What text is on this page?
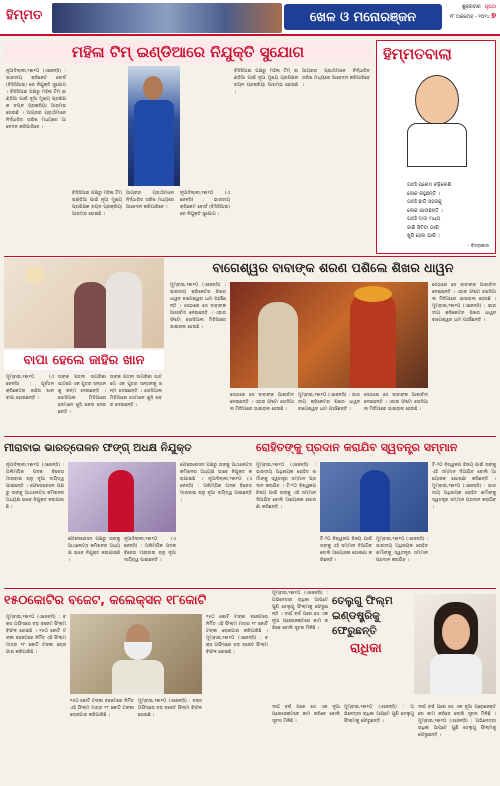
ହିମ୍ମତ	ଖେଳ ଓ ମନୋରଞ୍ଜନ
ଶୁକ୍ରବାର ପୃଷ୍ଠା
୧୮ ଅକ୍ଟୋବ - ୨୦୨୪ ୭
ମହିଳା ଟିମ୍ ଇଣ୍ଡିଆରେ ନିଯୁକ୍ତି ସୁଯୋଗ
ନୂଆଦିଲ୍ଲୀ,୧୭ା୧୦ (ଏଜେନ୍ସି) : ଭାରତୀୟ କ୍ରିକେଟ ବୋର୍ଡ (ବିସିସିଆଇ) ରେ ନିଯୁକ୍ତି ସୁଯୋଗ । ବିସିସିଆଇ ପକ୍ଷରୁ ମହିଳା ଟିମ୍ ଇଣ୍ଡିଆ ପାଇଁ ନୂଆ ମୁଖ୍ୟ ପ୍ରଶିକ୍ଷକ ଚୟନ ପ୍ରକ୍ରିୟା ଆରମ୍ଭ ହୋଇଛି । ଆଗ୍ରହୀ ପ୍ରାର୍ଥୀମାନେ ନିର୍ଦ୍ଧାରିତ ତାରିଖ ମଧ୍ୟରେ ଆବେଦନ କରିପାରିବେ ।
ବିସିସିଆଇ ପକ୍ଷରୁ ମହିଳା ଟିମ୍ ଇଣ୍ଡିଆ ପାଇଁ ନୂଆ ମୁଖ୍ୟ ପ୍ରଶିକ୍ଷକ ଚୟନ ପ୍ରକ୍ରିୟା ଆରମ୍ଭ ହୋଇଛି ।
ଆଗ୍ରହୀ ପ୍ରାର୍ଥୀମାନେ ନିର୍ଦ୍ଧାରିତ ତାରିଖ ମଧ୍ୟରେ ଆବେଦନ କରିପାରିବେ ।
ନୂଆଦିଲ୍ଲୀ,୧୭ା୧୦ (ଏଜେନ୍ସି) : ଭାରତୀୟ କ୍ରିକେଟ ବୋର୍ଡ (ବିସିସିଆଇ) ରେ ନିଯୁକ୍ତି ସୁଯୋଗ ।
ବିସିସିଆଇ ପକ୍ଷରୁ ମହିଳା ଟିମ୍ ଇଣ୍ଡିଆ ପାଇଁ ନୂଆ ମୁଖ୍ୟ ପ୍ରଶିକ୍ଷକ ଚୟନ ପ୍ରକ୍ରିୟା ଆରମ୍ଭ ହୋଇଛି ।
ଆଗ୍ରହୀ ପ୍ରାର୍ଥୀମାନେ ନିର୍ଦ୍ଧାରିତ ତାରିଖ ମଧ୍ୟରେ ଆବେଦନ କରିପାରିବେ ।
ହିମ୍ମତବାଲା
ଗାଆଁ ପ୍ରେମ ବଢ଼ିଲେଣି
ଲୋକ କହୁଛନ୍ତି ।
ଗାଆଁ ଛାଡି ସହରକୁ
ଲୋକ ଯାଉଛନ୍ତି ।
ଗାଆଁ ଦାଦା ମଧ୍ୟ
ଜାଣି ସିଟିଟା ଭାରି
ଖୁସି ହେଲ ଭାରି ।
- ଚିତ୍ରାକାର
ବାପା ହେଲେ ଜାହିର ଖାନ
ମୁମ୍ବାଇ,୧୭ା୧୦ (ଏଜେନ୍ସି) : ପୂର୍ବତନ କ୍ରିକେଟର ଜାହିର ଖାନ ବାପା ହୋଇଛନ୍ତି ।
ତାଙ୍କ ପତ୍ନୀ ସାଗରିକା ଘାଟଗେ ଏକ ପୁତ୍ର ସନ୍ତାନକୁ ଜନ୍ମ ଦେଇଛନ୍ତି । ସୋସିଆଲ ମିଡିଆରେ ସେମାନେ ଖୁସି ଖବର ଦେଇଛନ୍ତି ।
ତାଙ୍କ ପତ୍ନୀ ସାଗରିକା ଘାଟଗେ ଏକ ପୁତ୍ର ସନ୍ତାନକୁ ଜନ୍ମ ଦେଇଛନ୍ତି । ସୋସିଆଲ ମିଡିଆରେ ସେମାନେ ଖୁସି ଖବର ଦେଇଛନ୍ତି ।
ବାଗେଶ୍ୱର ବାବାଙ୍କ ଶରଣ ପଶିଲେ ଶିଖର ଧାୱନ
ମୁମ୍ବାଇ,୧୭ା୧୦ (ଏଜେନ୍ସି) : ଭାରତୀୟ କ୍ରିକେଟର ଶିଖର ଧାୱନ ବାଗେଶ୍ୱର ଧାମ ପହଞ୍ଚିଛନ୍ତି । ସେଠାରେ ସେ ବାବାଙ୍କ ଆଶୀର୍ବାଦ ନେଇଛନ୍ତି । ଏହାର ଫଟୋ ସୋସିଆଲ ମିଡିଆରେ ଭାଇରାଲ ହେଉଛି ।
ସେଠାରେ ସେ ବାବାଙ୍କ ଆଶୀର୍ବାଦ ନେଇଛନ୍ତି । ଏହାର ଫଟୋ ସୋସିଆଲ ମିଡିଆରେ ଭାଇରାଲ ହେଉଛି ।
ମୁମ୍ବାଇ,୧୭ା୧୦ (ଏଜେନ୍ସି) : ଭାରତୀୟ କ୍ରିକେଟର ଶିଖର ଧାୱନ ବାଗେଶ୍ୱର ଧାମ ପହଞ୍ଚିଛନ୍ତି ।
ସେଠାରେ ସେ ବାବାଙ୍କ ଆଶୀର୍ବାଦ ନେଇଛନ୍ତି । ଏହାର ଫଟୋ ସୋସିଆଲ ମିଡିଆରେ ଭାଇରାଲ ହେଉଛି ।
ସେଠାରେ ସେ ବାବାଙ୍କ ଆଶୀର୍ବାଦ ନେଇଛନ୍ତି । ଏହାର ଫଟୋ ସୋସିଆଲ ମିଡିଆରେ ଭାଇରାଲ ହେଉଛି । ମୁମ୍ବାଇ,୧୭ା୧୦ (ଏଜେନ୍ସି) : ଭାରତୀୟ କ୍ରିକେଟର ଶିଖର ଧାୱନ ବାଗେଶ୍ୱର ଧାମ ପହଞ୍ଚିଛନ୍ତି ।
ମୀରାବାଇ ଭାରତ୍ତୋଳନ ଫଙ୍ଗ୍ ଅଧକ୍ଷ ନିଯୁକ୍ତ	ରୋହିତଙ୍କୁ ପ୍ରଦାନ କରାଯିବ ସ୍ୱତନ୍ତ୍ର ସମ୍ମାନ
ନୂଆଦିଲ୍ଲୀ,୧୭ା୧୦ (ଏଜେନ୍ସି) : ଅଲିମ୍ପିକ ପଦକ ବିଜେତା ମୀରାବାଇ ଚାନୁ ନୂଆ ଦାୟିତ୍ୱ ପାଇଛନ୍ତି । ଫେଡେରେସନ ପକ୍ଷରୁ ତାଙ୍କୁ ଆଥଲେଟ୍ସ କମିଶନର ଅଧ୍ୟକ୍ଷ ଭାବେ ନିଯୁକ୍ତ କରାଯାଇଛି ।
ଫେଡେରେସନ ପକ୍ଷରୁ ତାଙ୍କୁ ଆଥଲେଟ୍ସ କମିଶନର ଅଧ୍ୟକ୍ଷ ଭାବେ ନିଯୁକ୍ତ କରାଯାଇଛି ।
ନୂଆଦିଲ୍ଲୀ,୧୭ା୧୦ (ଏଜେନ୍ସି) : ଅଲିମ୍ପିକ ପଦକ ବିଜେତା ମୀରାବାଇ ଚାନୁ ନୂଆ ଦାୟିତ୍ୱ ପାଇଛନ୍ତି ।
ଫେଡେରେସନ ପକ୍ଷରୁ ତାଙ୍କୁ ଆଥଲେଟ୍ସ କମିଶନର ଅଧ୍ୟକ୍ଷ ଭାବେ ନିଯୁକ୍ତ କରାଯାଇଛି । ନୂଆଦିଲ୍ଲୀ,୧୭ା୧୦ (ଏଜେନ୍ସି) : ଅଲିମ୍ପିକ ପଦକ ବିଜେତା ମୀରାବାଇ ଚାନୁ ନୂଆ ଦାୟିତ୍ୱ ପାଇଛନ୍ତି ।
ମୁମ୍ବାଇ,୧୭ା୧୦ (ଏଜେନ୍ସି) : ଭାରତୀୟ ଅଧିନାୟକ ରୋହିତ ଶର୍ମାଙ୍କୁ ସ୍ୱତନ୍ତ୍ର ସମ୍ମାନ ପ୍ରଦାନ କରାଯିବ । ଟି-୨୦ ବିଶ୍ୱକପ ବିଜୟ ପାଇଁ ତାଙ୍କୁ ଏହି ସମ୍ମାନ ଦିଆଯିବ ବୋଲି ଆୟୋଜକ ଘୋଷଣା କରିଛନ୍ତି ।
ଟି-୨୦ ବିଶ୍ୱକପ ବିଜୟ ପାଇଁ ତାଙ୍କୁ ଏହି ସମ୍ମାନ ଦିଆଯିବ ବୋଲି ଆୟୋଜକ ଘୋଷଣା କରିଛନ୍ତି ।
ମୁମ୍ବାଇ,୧୭ା୧୦ (ଏଜେନ୍ସି) : ଭାରତୀୟ ଅଧିନାୟକ ରୋହିତ ଶର୍ମାଙ୍କୁ ସ୍ୱତନ୍ତ୍ର ସମ୍ମାନ ପ୍ରଦାନ କରାଯିବ ।
ଟି-୨୦ ବିଶ୍ୱକପ ବିଜୟ ପାଇଁ ତାଙ୍କୁ ଏହି ସମ୍ମାନ ଦିଆଯିବ ବୋଲି ଆୟୋଜକ ଘୋଷଣା କରିଛନ୍ତି । ମୁମ୍ବାଇ,୧୭ା୧୦ (ଏଜେନ୍ସି) : ଭାରତୀୟ ଅଧିନାୟକ ରୋହିତ ଶର୍ମାଙ୍କୁ ସ୍ୱତନ୍ତ୍ର ସମ୍ମାନ ପ୍ରଦାନ କରାଯିବ ।
୧୫୦କୋଟିର ବଜେଟ, କଲେକ୍ସନ ୧୮କୋଟି
ମୁମ୍ବାଇ,୧୭ା୧୦ (ଏଜେନ୍ସି) : ବକ୍ସ ଅଫିସରେ ବଡ଼ ବଜେଟ ଫିଲ୍ମ ବିଫଳ ହୋଇଛି । ୧୫୦ କୋଟି ଟଙ୍କା ବଜେଟରେ ନିର୍ମିତ ଏହି ଫିଲ୍ମ ମାତ୍ର ୧୮ କୋଟି ଟଙ୍କା ରୋଜଗାର କରିପାରିଛି ।
୧୫୦ କୋଟି ଟଙ୍କା ବଜେଟରେ ନିର୍ମିତ ଏହି ଫିଲ୍ମ ମାତ୍ର ୧୮ କୋଟି ଟଙ୍କା ରୋଜଗାର କରିପାରିଛି ।
ମୁମ୍ବାଇ,୧୭ା୧୦ (ଏଜେନ୍ସି) : ବକ୍ସ ଅଫିସରେ ବଡ଼ ବଜେଟ ଫିଲ୍ମ ବିଫଳ ହୋଇଛି ।
୧୫୦ କୋଟି ଟଙ୍କା ବଜେଟରେ ନିର୍ମିତ ଏହି ଫିଲ୍ମ ମାତ୍ର ୧୮ କୋଟି ଟଙ୍କା ରୋଜଗାର କରିପାରିଛି । ମୁମ୍ବାଇ,୧୭ା୧୦ (ଏଜେନ୍ସି) : ବକ୍ସ ଅଫିସରେ ବଡ଼ ବଜେଟ ଫିଲ୍ମ ବିଫଳ ହୋଇଛି ।
ମୁମ୍ବାଇ,୧୭ା୧୦ (ଏଜେନ୍ସି) : ଅଭିନେତ୍ରୀ ରାଧିକା ଆପ୍ଟେ ପୁଣି ତେଲୁଗୁ ଫିଲ୍ମକୁ ଫେରୁଛନ୍ତି । ଦୀର୍ଘ ବର୍ଷ ପରେ ସେ ଏକ ନୂଆ ପ୍ରୋଜେକ୍ଟରେ କାମ କରିବେ ବୋଲି ସୂଚନା ମିଳିଛି ।
ତେଲୁଗୁ ଫିଲ୍ମ
ଇଣ୍ଡଷ୍ଟ୍ରିକୁ
ଫେରୁଛନ୍ତି
ରାଧିକା
ଦୀର୍ଘ ବର୍ଷ ପରେ ସେ ଏକ ନୂଆ ପ୍ରୋଜେକ୍ଟରେ କାମ କରିବେ ବୋଲି ସୂଚନା ମିଳିଛି ।
ମୁମ୍ବାଇ,୧୭ା୧୦ (ଏଜେନ୍ସି) : ଅଭିନେତ୍ରୀ ରାଧିକା ଆପ୍ଟେ ପୁଣି ତେଲୁଗୁ ଫିଲ୍ମକୁ ଫେରୁଛନ୍ତି ।
ଦୀର୍ଘ ବର୍ଷ ପରେ ସେ ଏକ ନୂଆ ପ୍ରୋଜେକ୍ଟରେ କାମ କରିବେ ବୋଲି ସୂଚନା ମିଳିଛି । ମୁମ୍ବାଇ,୧୭ା୧୦ (ଏଜେନ୍ସି) : ଅଭିନେତ୍ରୀ ରାଧିକା ଆପ୍ଟେ ପୁଣି ତେଲୁଗୁ ଫିଲ୍ମକୁ ଫେରୁଛନ୍ତି ।
